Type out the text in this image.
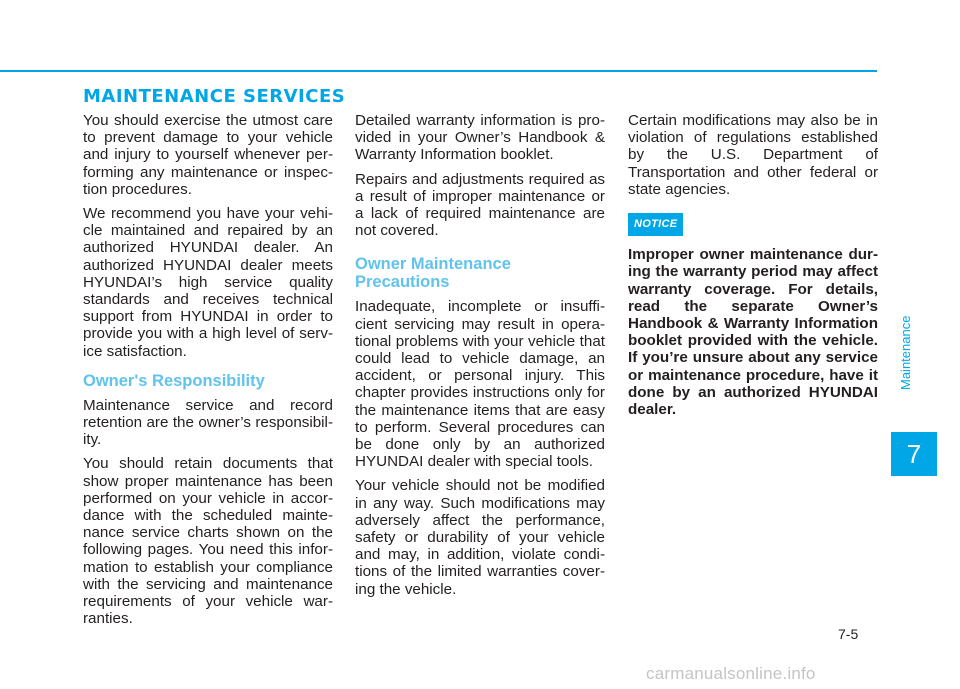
MAINTENANCE SERVICES

You should exercise the utmost care to prevent damage to your vehicle and injury to yourself whenever performing any maintenance or inspection procedures.

We recommend you have your vehicle maintained and repaired by an authorized HYUNDAI dealer. An authorized HYUNDAI dealer meets HYUNDAI’s high service quality standards and receives technical support from HYUNDAI in order to provide you with a high level of service satisfaction.

Owner's Responsibility

Maintenance service and record retention are the owner’s responsibility.

You should retain documents that show proper maintenance has been performed on your vehicle in accordance with the scheduled maintenance service charts shown on the following pages. You need this information to establish your compliance with the servicing and maintenance requirements of your vehicle warranties.

Detailed warranty information is provided in your Owner’s Handbook & Warranty Information booklet.

Repairs and adjustments required as a result of improper maintenance or a lack of required maintenance are not covered.

Owner Maintenance Precautions

Inadequate, incomplete or insufficient servicing may result in operational problems with your vehicle that could lead to vehicle damage, an accident, or personal injury. This chapter provides instructions only for the maintenance items that are easy to perform. Several procedures can be done only by an authorized HYUNDAI dealer with special tools.

Your vehicle should not be modified in any way. Such modifications may adversely affect the performance, safety or durability of your vehicle and may, in addition, violate conditions of the limited warranties covering the vehicle.

Certain modifications may also be in violation of regulations established by the U.S. Department of Transportation and other federal or state agencies.

NOTICE

Improper owner maintenance during the warranty period may affect warranty coverage. For details, read the separate Owner’s Handbook & Warranty Information booklet provided with the vehicle. If you’re unsure about any service or maintenance procedure, have it done by an authorized HYUNDAI dealer.

Maintenance
7
7-5
carmanualsonline.info
